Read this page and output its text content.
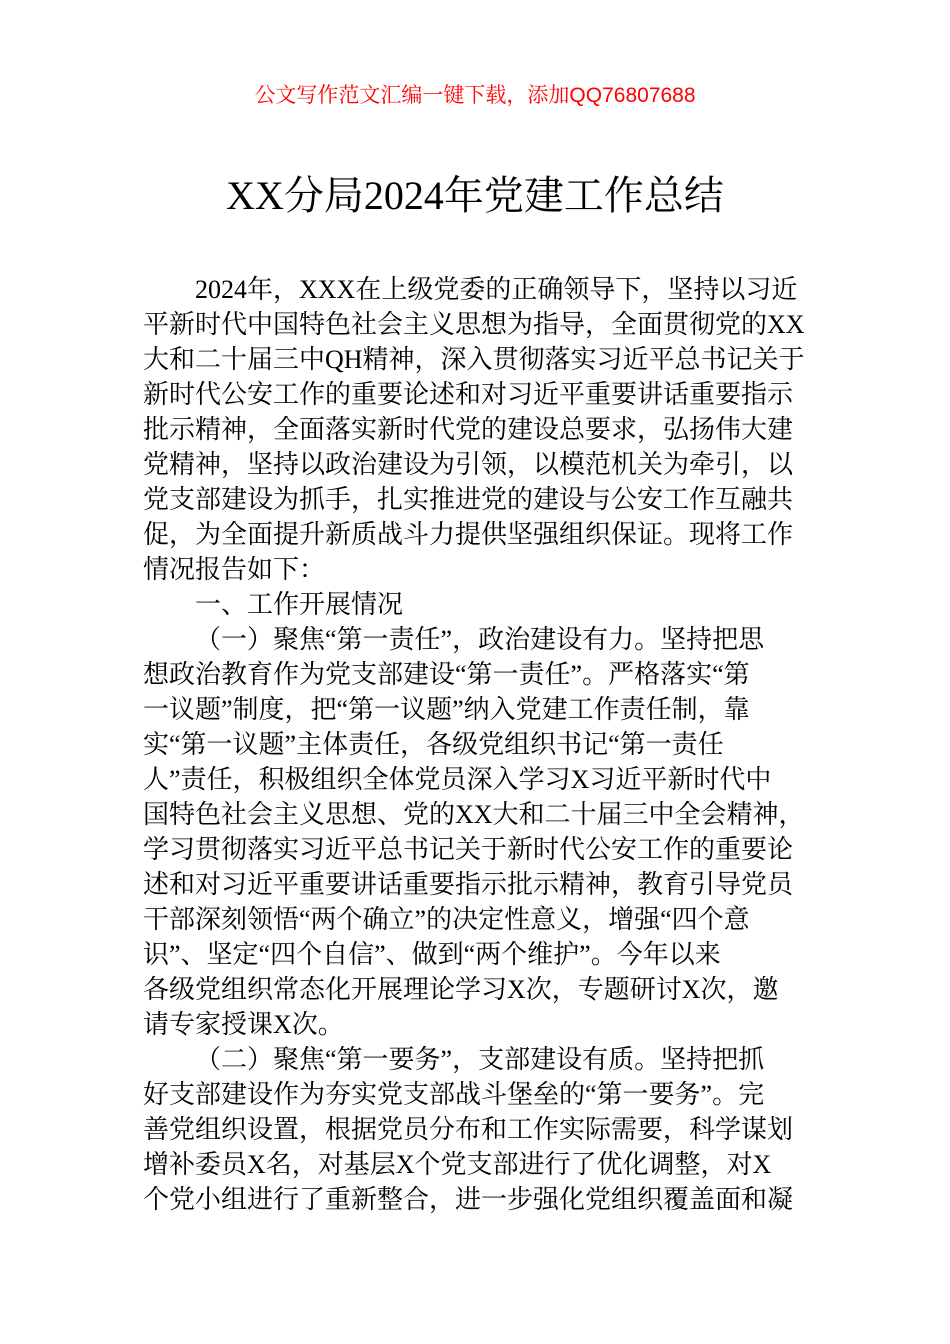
公文写作范文汇编一键下载，添加QQ76807688
XX分局2024年党建工作总结
2024年，XXX在上级党委的正确领导下，坚持以习近
平新时代中国特色社会主义思想为指导，全面贯彻党的XX
大和二十届三中QH精神，深入贯彻落实习近平总书记关于
新时代公安工作的重要论述和对习近平重要讲话重要指示
批示精神，全面落实新时代党的建设总要求，弘扬伟大建
党精神，坚持以政治建设为引领，以模范机关为牵引，以
党支部建设为抓手，扎实推进党的建设与公安工作互融共
促，为全面提升新质战斗力提供坚强组织保证。现将工作
情况报告如下：
一、工作开展情况
（一）聚焦“第一责任”，政治建设有力。坚持把思
想政治教育作为党支部建设“第一责任”。严格落实“第
一议题”制度，把“第一议题”纳入党建工作责任制，靠
实“第一议题”主体责任，各级党组织书记“第一责任
人”责任，积极组织全体党员深入学习X习近平新时代中
国特色社会主义思想、党的XX大和二十届三中全会精神，
学习贯彻落实习近平总书记关于新时代公安工作的重要论
述和对习近平重要讲话重要指示批示精神，教育引导党员
干部深刻领悟“两个确立”的决定性意义，增强“四个意
识”、坚定“四个自信”、做到“两个维护”。今年以来
各级党组织常态化开展理论学习X次，专题研讨X次，邀
请专家授课X次。
（二）聚焦“第一要务”，支部建设有质。坚持把抓
好支部建设作为夯实党支部战斗堡垒的“第一要务”。完
善党组织设置，根据党员分布和工作实际需要，科学谋划
增补委员X名，对基层X个党支部进行了优化调整，对X
个党小组进行了重新整合，进一步强化党组织覆盖面和凝
